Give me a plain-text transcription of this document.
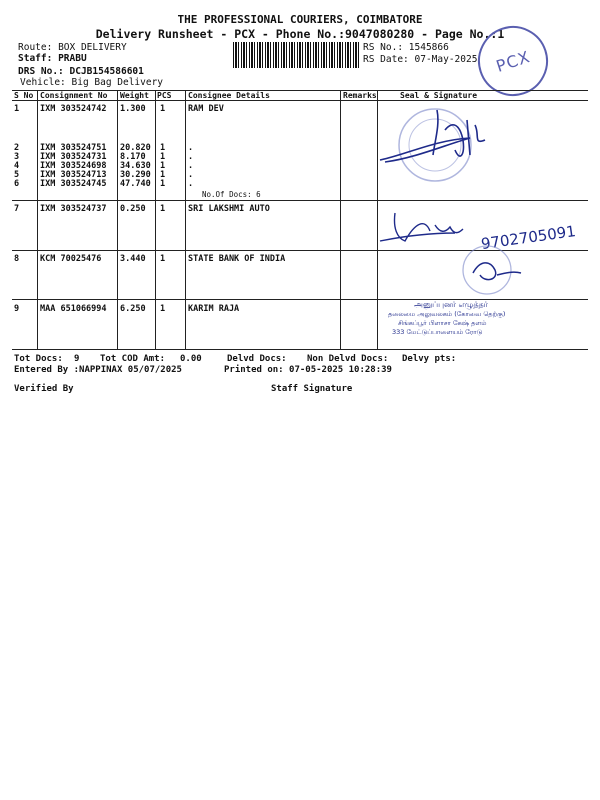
THE PROFESSIONAL COURIERS, COIMBATORE
Delivery Runsheet - PCX - Phone No.:9047080280 - Page No.:1
Route: BOX DELIVERY
Staff: PRABU
DRS No.: DCJB154586601
Vehicle: Big Bag Delivery
RS No.: 1545866
RS Date: 07-May-2025 PCX
S No Consignment No Weight PCS Consignee Details	Remarks	Seal & Signature
1 IXM 303524742 1.300 1	RAM DEV
2 IXM 303524751 20.820 1	.
3 IXM 303524731 8.170 1	.
4 IXM 303524698 34.630 1	.
5 IXM 303524713 30.290 1	.
6 IXM 303524745 47.740 1	.
No.Of Docs: 6
7 IXM 303524737 0.250 1	SRI LAKSHMI AUTO
8 KCM 70025476 3.440 1	STATE BANK OF INDIA
9 MAA 651066994 6.250 1	KARIM RAJA
9702705091
அனுப்புனர் எழுத்தர்
தலைமை அலுவலகம் (கோவை தெற்கு)
சிங்கப்பூர் பிளாசா கேஷ் தளம்
333 மேட்டுப்பாளையம் ரோடு
Tot Docs: 9 Tot COD Amt: 0.00	Delvd Docs: Non Delvd Docs: Delvy pts:
Entered By :NAPPINAX 05/07/2025	Printed on: 07-05-2025 10:28:39
Verified By	Staff Signature
